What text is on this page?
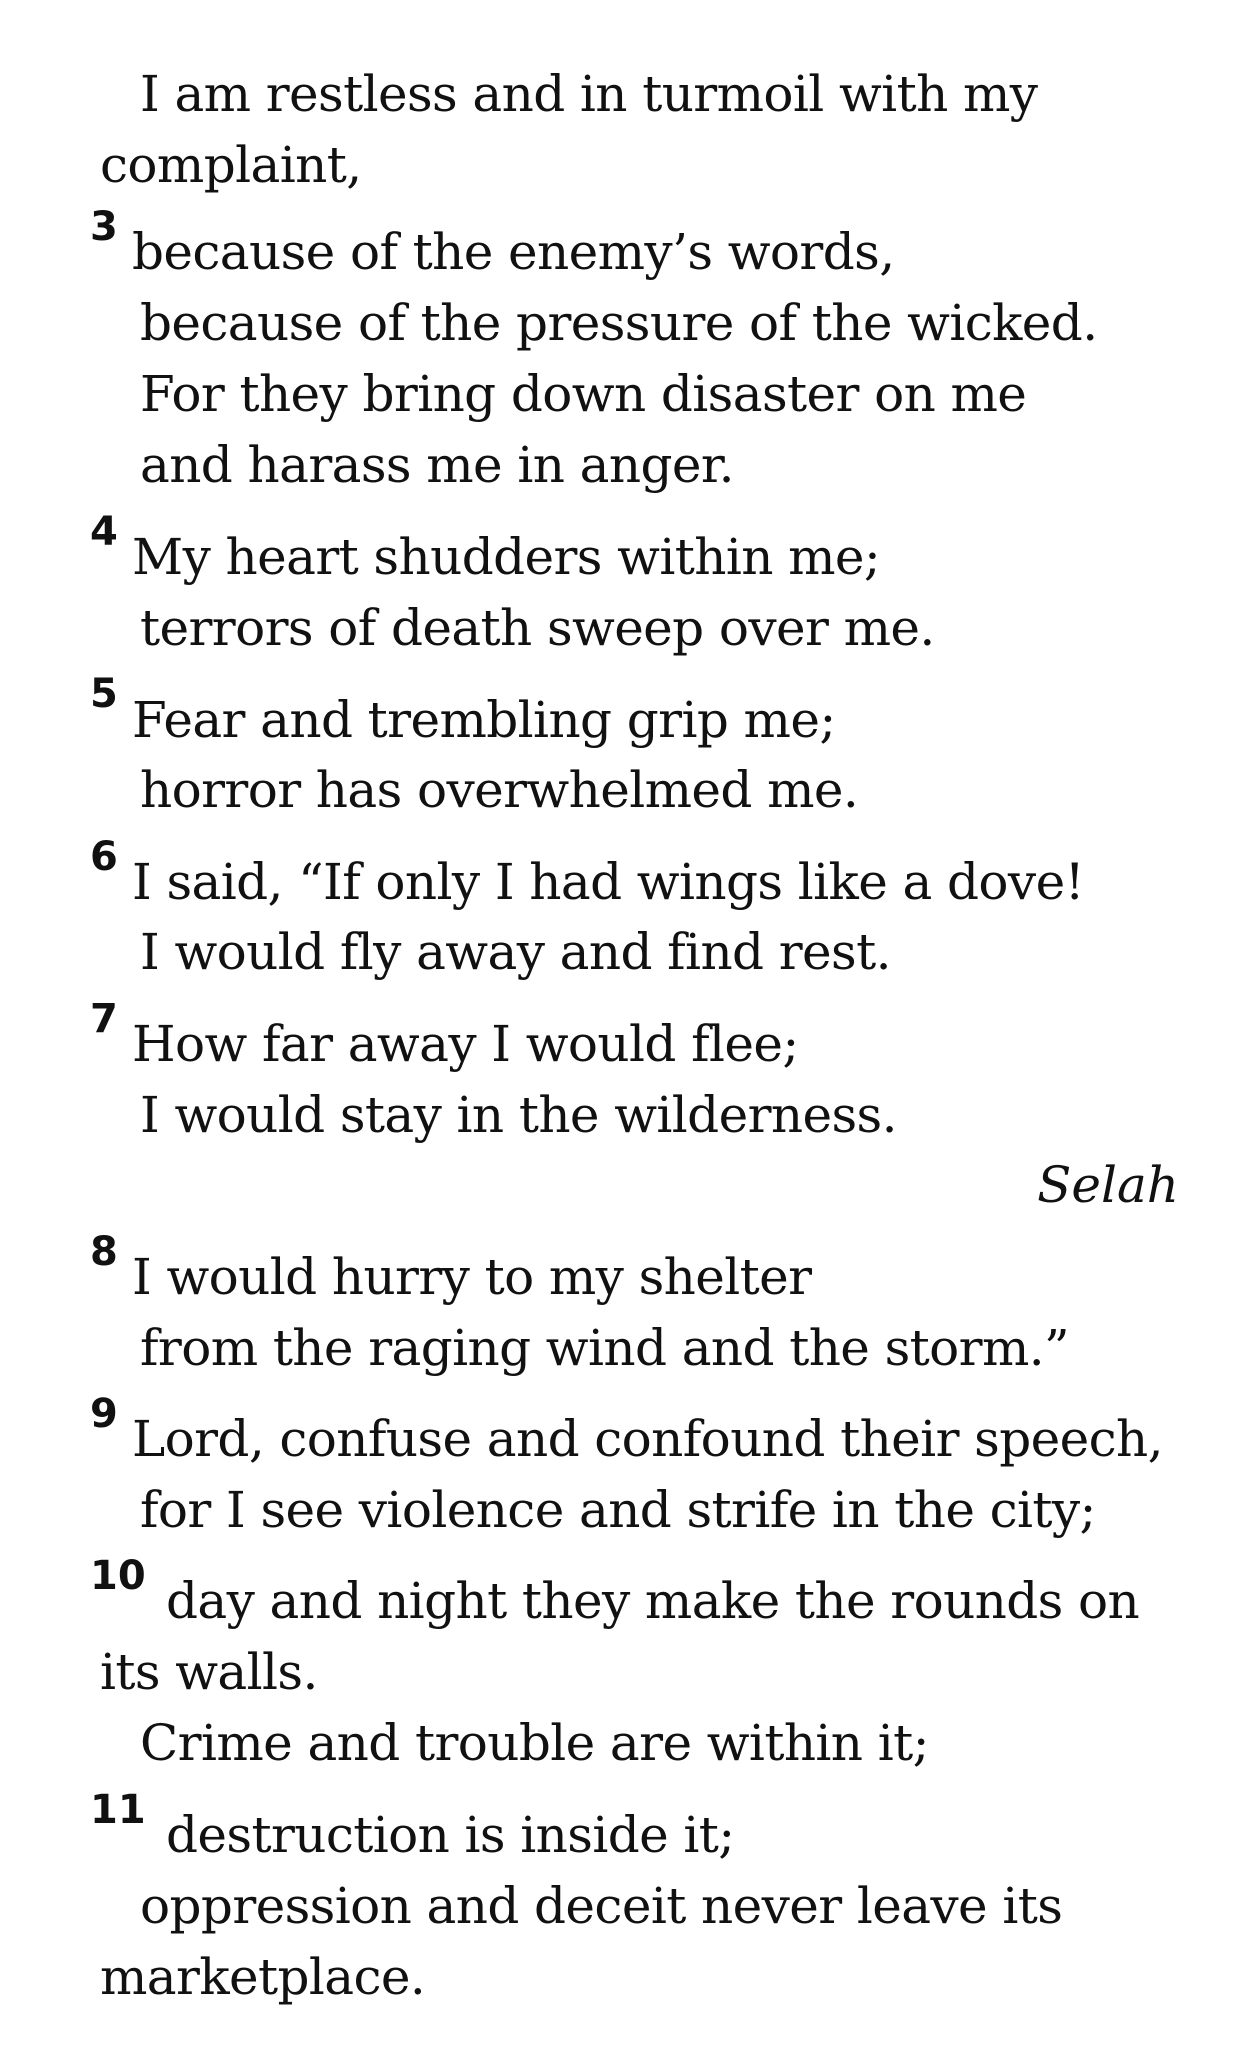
I am restless and in turmoil with my
complaint,
3 because of the enemy’s words,
because of the pressure of the wicked.
For they bring down disaster on me
and harass me in anger.
4 My heart shudders within me;
terrors of death sweep over me.
5 Fear and trembling grip me;
horror has overwhelmed me.
6 I said, “If only I had wings like a dove!
I would fly away and find rest.
7 How far away I would flee;
I would stay in the wilderness.
Selah
8 I would hurry to my shelter
from the raging wind and the storm.”
9 Lord, confuse and confound their speech,
for I see violence and strife in the city;
10 day and night they make the rounds on
its walls.
Crime and trouble are within it;
11 destruction is inside it;
oppression and deceit never leave its
marketplace.
